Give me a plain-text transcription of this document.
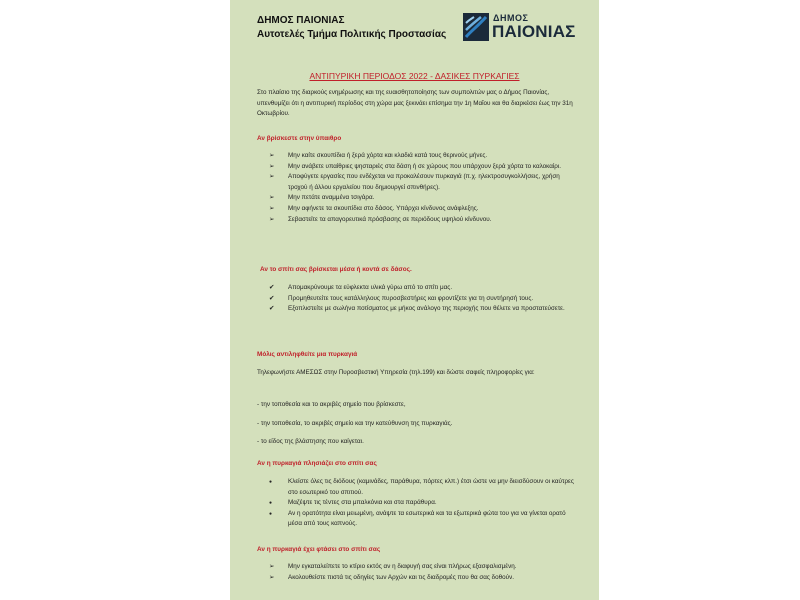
ΔΗΜΟΣ ΠΑΙΟΝΙΑΣ
Αυτοτελές Τμήμα Πολιτικής Προστασίας
ΔΗΜΟΣ
ΠΑΙΟΝΙΑΣ
ΑΝΤΙΠΥΡΙΚΗ ΠΕΡΙΟΔΟΣ 2022 - ΔΑΣΙΚΕΣ ΠΥΡΚΑΓΙΕΣ
Στο πλαίσιο της διαρκούς ενημέρωσης και της ευαισθητοποίησης των συμπολιτών μας ο Δήμος Παιονίας, υπενθυμίζει ότι η αντιπυρική περίοδος στη χώρα μας ξεκινάει επίσημα την 1η Μαΐου και θα διαρκέσει έως την 31η Οκτωβρίου.
Αν βρίσκεστε στην ύπαιθρο
➢
Μην καίτε σκουπίδια ή ξερά χόρτα και κλαδιά κατά τους θερινούς μήνες.
➢
Μην ανάβετε υπαίθριες ψησταριές στα δάση ή σε χώρους που υπάρχουν ξερά χόρτα το καλοκαίρι.
➢
Αποφύγετε εργασίες που ενδέχεται να προκαλέσουν πυρκαγιά (π.χ. ηλεκτροσυγκολλήσεις, χρήση τροχού ή άλλου εργαλείου που δημιουργεί σπινθήρες).
➢
Μην πετάτε αναμμένα τσιγάρα.
➢
Μην αφήνετε τα σκουπίδια στο δάσος. Υπάρχει κίνδυνος ανάφλεξης.
➢
Σεβαστείτε τα απαγορευτικά πρόσβασης σε περιόδους υψηλού κίνδυνου.
Αν το σπίτι σας βρίσκεται μέσα ή κοντά σε δάσος.
✔
Απομακρύνουμε τα εύφλεκτα υλικά γύρω από το σπίτι μας.
✔
Προμηθευτείτε τους κατάλληλους πυροσβεστήρες και φροντίζετε για τη συντήρησή τους.
✔
Εξοπλιστείτε με σωλήνα ποτίσματος με μήκος ανάλογο της περιοχής που θέλετε να προστατεύσετε.
Μόλις αντιληφθείτε μια πυρκαγιά
Τηλεφωνήστε ΑΜΕΣΩΣ στην Πυροσβεστική Υπηρεσία (τηλ.199) και δώστε σαφείς πληροφορίες για:
- την τοποθεσία και το ακριβές σημείο που βρίσκεστε,
- την τοποθεσία, το ακριβές σημείο και την κατεύθυνση της πυρκαγιάς.
- το είδος της βλάστησης που καίγεται.
Αν η πυρκαγιά πλησιάζει στο σπίτι σας
●
Κλείστε όλες τις διόδους (καμινάδες, παράθυρα, πόρτες κλπ.) έτσι ώστε να μην διεισδύσουν οι καύτρες στο εσωτερικό του σπιτιού.
●
Μαζέψτε τις τέντες στα μπαλκόνια και στα παράθυρα.
●
Αν η ορατότητα είναι μειωμένη, ανάψτε τα εσωτερικά και τα εξωτερικά φώτα του για να γίνεται ορατό μέσα από τους καπνούς.
Αν η πυρκαγιά έχει φτάσει στο σπίτι σας
➢
Μην εγκαταλείπετε το κτίριο εκτός αν η διαφυγή σας είναι πλήρως εξασφαλισμένη.
➢
Ακολουθείστε πιστά τις οδηγίες των Αρχών και τις διαδρομές που θα σας δοθούν.
